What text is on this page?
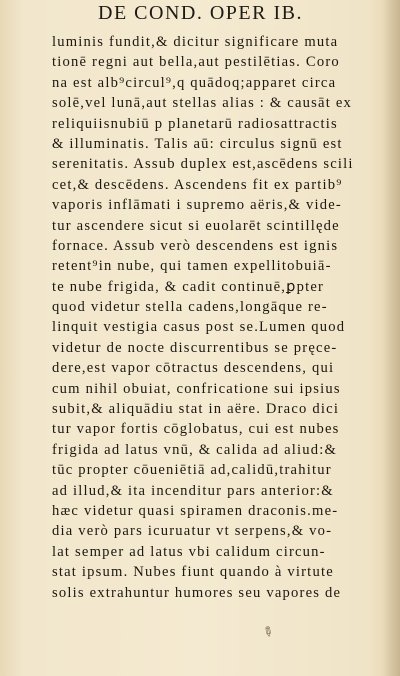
DE COND. OPER IB.
luminis fundit,& dicitur significare muta
tionē regni aut bella,aut pestilētias. Coro
na est alb⁹circul⁹,q quādoq;apparet circa
solē,vel lunā,aut stellas alias : & causāt ex
reliquiisnubiū p planetarū radiosattractis
& illuminatis. Talis aū: circulus signū est
serenitatis. Assub duplex est,ascēdens scili
cet,& descēdens. Ascendens fit ex partib⁹
vaporis inflāmati i supremo aëris,& vide-
tur ascendere sicut si euolarēt scintillęde
fornace. Assub verò descendens est ignis
retent⁹in nube, qui tamen expellitobuiā-
te nube frigida, & cadit continuē,ꝑpter
quod videtur stella cadens,longāque re-
linquit vestigia casus post se.Lumen quod
videtur de nocte discurrentibus se pręce-
dere,est vapor cōtractus descendens, qui
cum nihil obuiat, confricatione sui ipsius
subit,& aliquādiu stat in aëre. Draco dici
tur vapor fortis cōglobatus, cui est nubes
frigida ad latus vnū, & calida ad aliud:&
tūc propter cōueniētiā ad,calidū,trahitur
ad illud,& ita incenditur pars anterior:&
hæc videtur quasi spiramen draconis.me-
dia verò pars icuruatur vt serpens,& vo-
lat semper ad latus vbi calidum circun-
stat ipsum. Nubes fiunt quando à virtute
solis extrahuntur humores seu vapores de
✎
